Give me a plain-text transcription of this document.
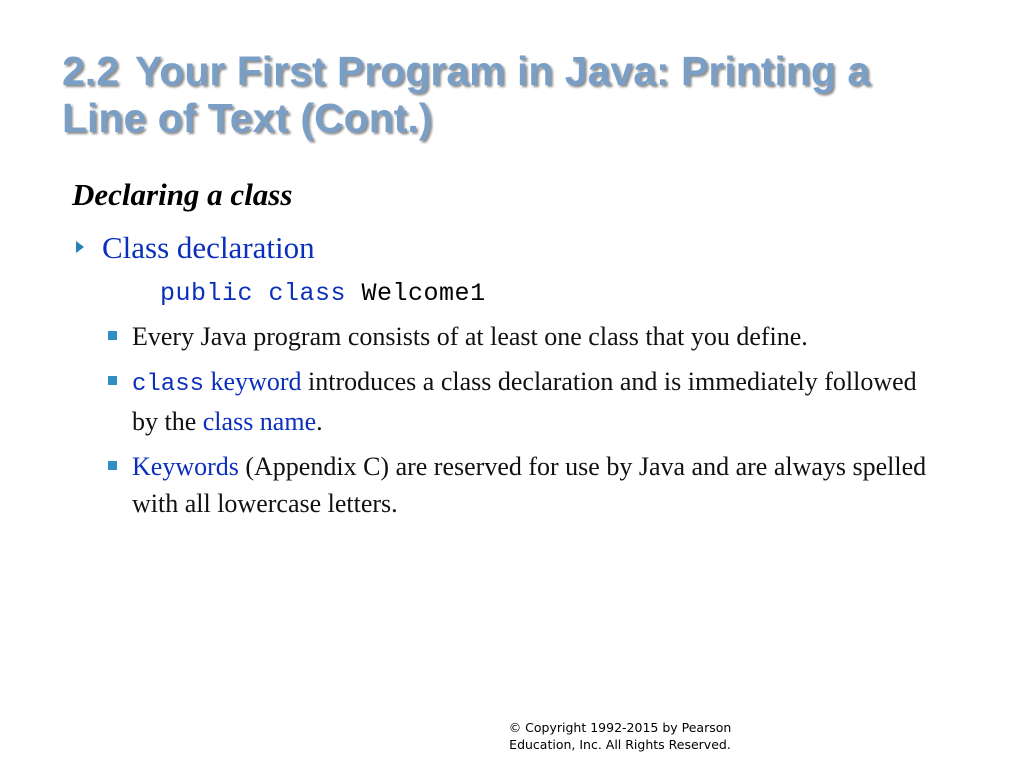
2.2 Your First Program in Java: Printing a Line of Text (Cont.)
Declaring a class
Class declaration
public class Welcome1
Every Java program consists of at least one class that you define.
class keyword introduces a class declaration and is immediately followed by the class name.
Keywords (Appendix C) are reserved for use by Java and are always spelled with all lowercase letters.
© Copyright 1992-2015 by Pearson
Education, Inc. All Rights Reserved.
